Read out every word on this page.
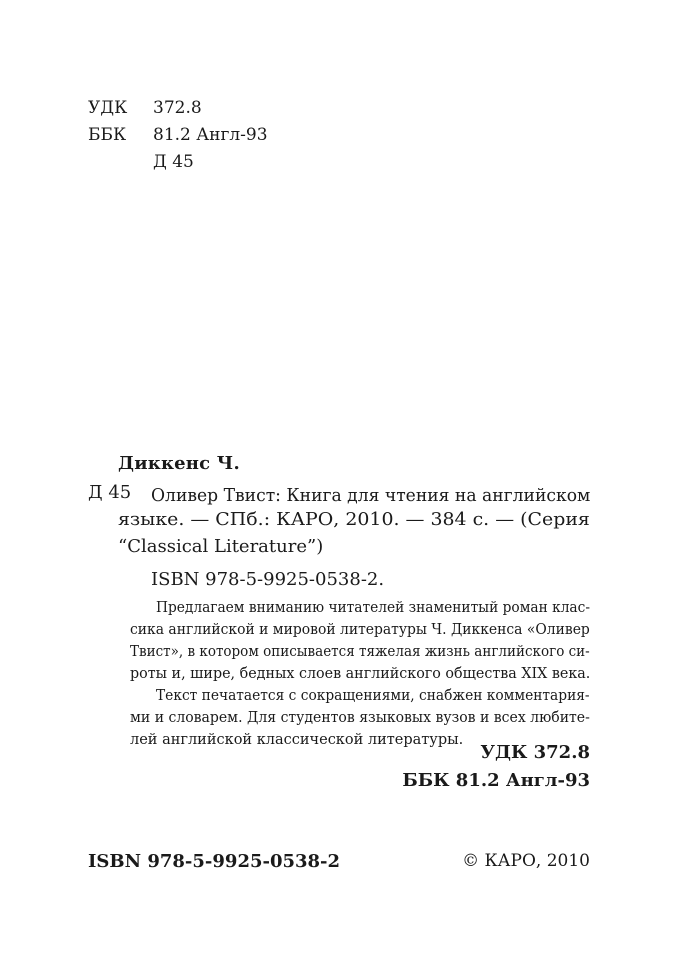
УДК 372.8
ББК 81.2 Англ-93
Д 45
Диккенс Ч.
Д 45 Оливер Твист: Книга для чтения на английском
языке. — СПб.: КАРО, 2010. — 384 с. — (Серия
“Classical Literature”)
ISBN 978-5-9925-0538-2.
Предлагаем вниманию читателей знаменитый роман клас-
сика английской и мировой литературы Ч. Диккенса «Оливер
Твист», в котором описывается тяжелая жизнь английского си-
роты и, шире, бедных слоев английского общества XIX века.
Текст печатается с сокращениями, снабжен комментария-
ми и словарем. Для студентов языковых вузов и всех любите-
лей английской классической литературы.
УДК 372.8
ББК 81.2 Англ-93
ISBN 978-5-9925-0538-2	© КАРО, 2010
